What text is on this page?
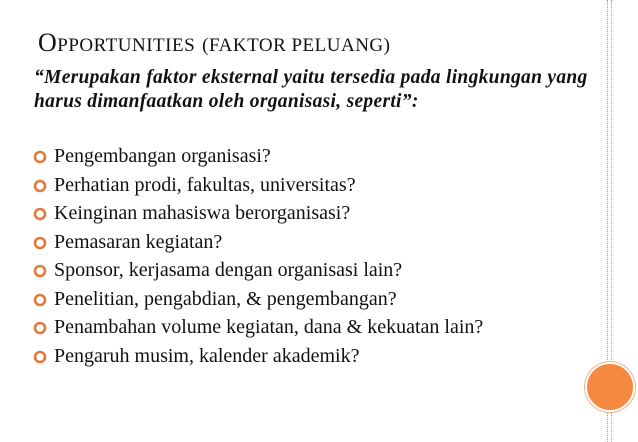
OPPORTUNITIES (FAKTOR PELUANG)
“Merupakan faktor eksternal yaitu tersedia pada lingkungan yang harus dimanfaatkan oleh organisasi, seperti”:
Pengembangan organisasi?
Perhatian prodi, fakultas, universitas?
Keinginan mahasiswa berorganisasi?
Pemasaran kegiatan?
Sponsor, kerjasama dengan organisasi lain?
Penelitian, pengabdian, & pengembangan?
Penambahan volume kegiatan, dana & kekuatan lain?
Pengaruh musim, kalender akademik?
